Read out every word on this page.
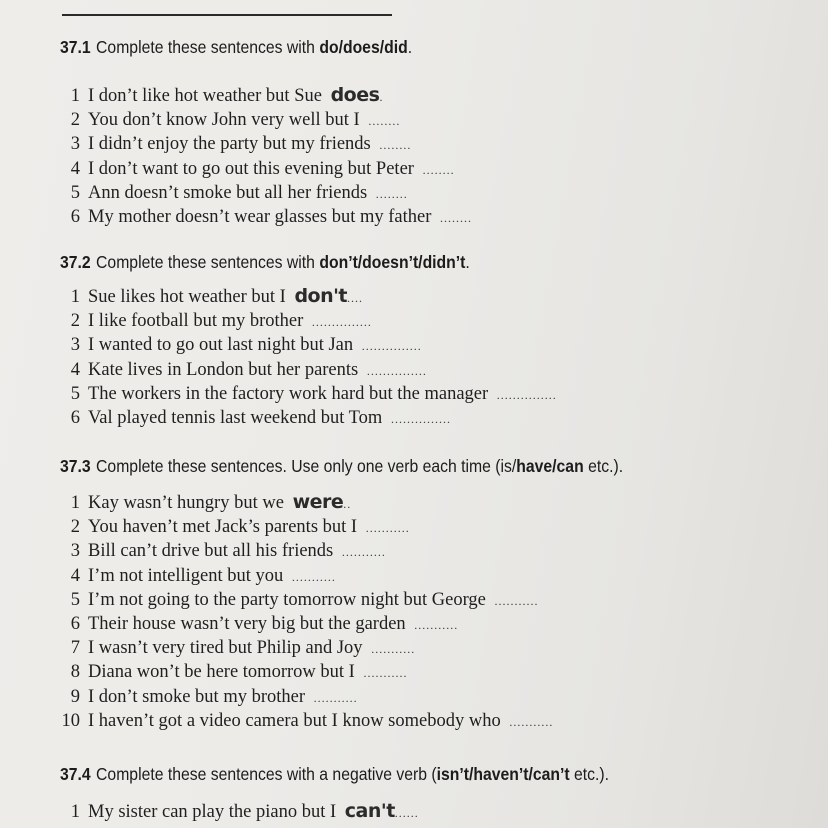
37.1 Complete these sentences with do/does/did.
1 I don’t like hot weather but Sue does.
2 You don’t know John very well but I ........
3 I didn’t enjoy the party but my friends ........
4 I don’t want to go out this evening but Peter ........
5 Ann doesn’t smoke but all her friends ........
6 My mother doesn’t wear glasses but my father ........
37.2 Complete these sentences with don’t/doesn’t/didn’t.
1 Sue likes hot weather but I don't....
2 I like football but my brother ...............
3 I wanted to go out last night but Jan ...............
4 Kate lives in London but her parents ...............
5 The workers in the factory work hard but the manager ...............
6 Val played tennis last weekend but Tom ...............
37.3 Complete these sentences. Use only one verb each time (is/have/can etc.).
1 Kay wasn’t hungry but we were..
2 You haven’t met Jack’s parents but I ...........
3 Bill can’t drive but all his friends ...........
4 I’m not intelligent but you ...........
5 I’m not going to the party tomorrow night but George ...........
6 Their house wasn’t very big but the garden ...........
7 I wasn’t very tired but Philip and Joy ...........
8 Diana won’t be here tomorrow but I ...........
9 I don’t smoke but my brother ...........
10 I haven’t got a video camera but I know somebody who ...........
37.4 Complete these sentences with a negative verb (isn’t/haven’t/can’t etc.).
1 My sister can play the piano but I can't......
